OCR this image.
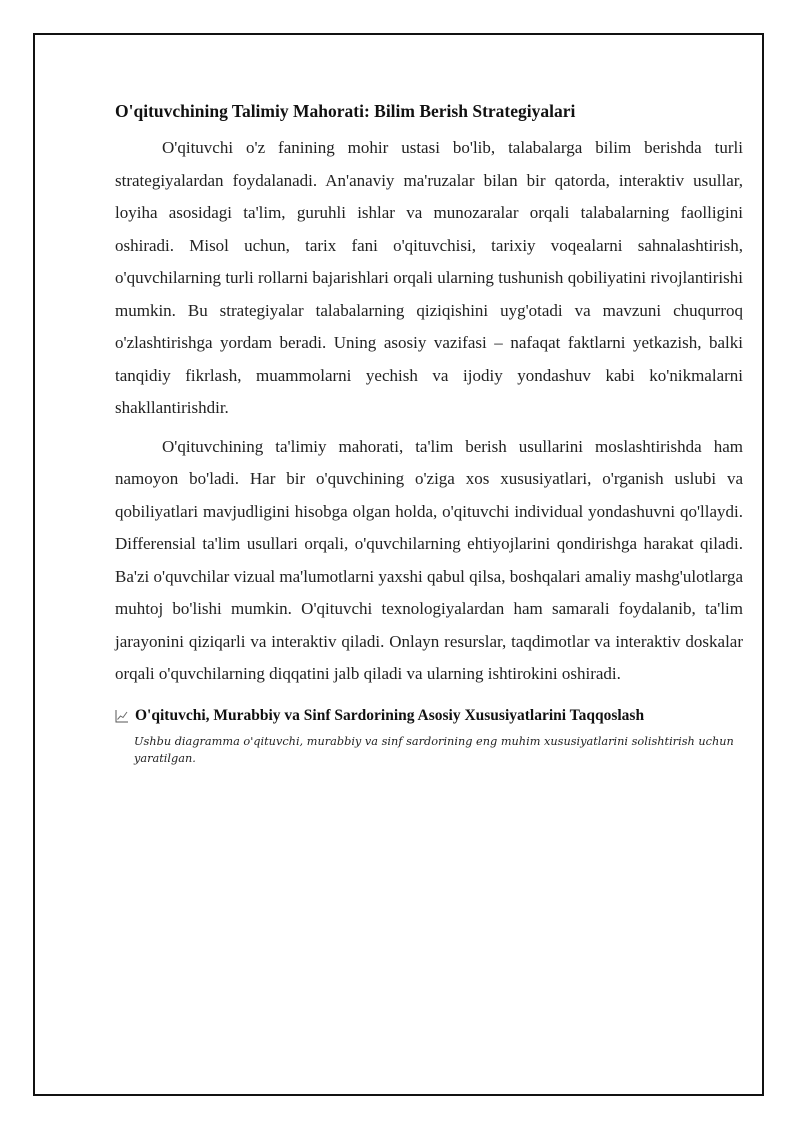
O'qituvchining Talimiy Mahorati: Bilim Berish Strategiyalari

O'qituvchi o'z fanining mohir ustasi bo'lib, talabalarga bilim berishda turli strategiyalardan foydalanadi. An'anaviy ma'ruzalar bilan bir qatorda, interaktiv usullar, loyiha asosidagi ta'lim, guruhli ishlar va munozaralar orqali talabalarning faolligini oshiradi. Misol uchun, tarix fani o'qituvchisi, tarixiy voqealarni sahnalashtirish, o'quvchilarning turli rollarni bajarishlari orqali ularning tushunish qobiliyatini rivojlantirishi mumkin. Bu strategiyalar talabalarning qiziqishini uyg'otadi va mavzuni chuqurroq o'zlashtirishga yordam beradi. Uning asosiy vazifasi – nafaqat faktlarni yetkazish, balki tanqidiy fikrlash, muammolarni yechish va ijodiy yondashuv kabi ko'nikmalarni shakllantirishdir.

O'qituvchining ta'limiy mahorati, ta'lim berish usullarini moslashtirishda ham namoyon bo'ladi. Har bir o'quvchining o'ziga xos xususiyatlari, o'rganish uslubi va qobiliyatlari mavjudligini hisobga olgan holda, o'qituvchi individual yondashuvni qo'llaydi. Differensial ta'lim usullari orqali, o'quvchilarning ehtiyojlarini qondirishga harakat qiladi. Ba'zi o'quvchilar vizual ma'lumotlarni yaxshi qabul qilsa, boshqalari amaliy mashg'ulotlarga muhtoj bo'lishi mumkin. O'qituvchi texnologiyalardan ham samarali foydalanib, ta'lim jarayonini qiziqarli va interaktiv qiladi. Onlayn resurslar, taqdimotlar va interaktiv doskalar orqali o'quvchilarning diqqatini jalb qiladi va ularning ishtirokini oshiradi.

O'qituvchi, Murabbiy va Sinf Sardorining Asosiy Xususiyatlarini Taqqoslash
Ushbu diagramma o'qituvchi, murabbiy va sinf sardorining eng muhim xususiyatlarini solishtirish uchun yaratilgan.
